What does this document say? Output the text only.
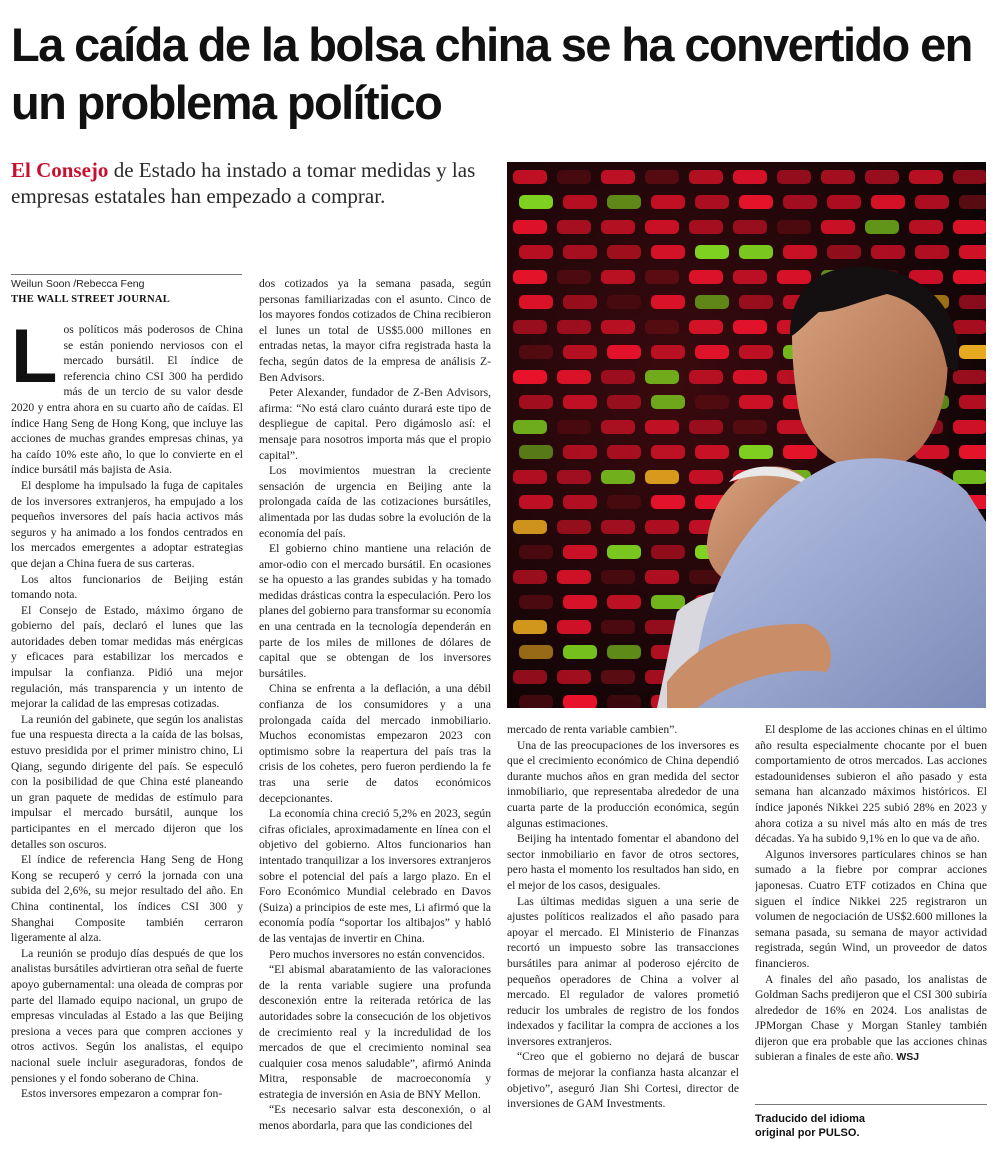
La caída de la bolsa china se ha convertido en un problema político

El Consejo de Estado ha instado a tomar medidas y las empresas estatales han empezado a comprar.

Weilun Soon /Rebecca Feng

THE WALL STREET JOURNAL

Los políticos más poderosos de China se están poniendo nerviosos con el mercado bursátil. El índice de referencia chino CSI 300 ha perdido más de un tercio de su valor desde 2020 y entra ahora en su cuarto año de caídas. El índice Hang Seng de Hong Kong, que incluye las acciones de muchas grandes empresas chinas, ya ha caído 10% este año, lo que lo convierte en el índice bursátil más bajista de Asia.

El desplome ha impulsado la fuga de capitales de los inversores extranjeros, ha empujado a los pequeños inversores del país hacia activos más seguros y ha animado a los fondos centrados en los mercados emergentes a adoptar estrategias que dejan a China fuera de sus carteras.

Los altos funcionarios de Beijing están tomando nota.

El Consejo de Estado, máximo órgano de gobierno del país, declaró el lunes que las autoridades deben tomar medidas más enérgicas y eficaces para estabilizar los mercados e impulsar la confianza. Pidió una mejor regulación, más transparencia y un intento de mejorar la calidad de las empresas cotizadas.

La reunión del gabinete, que según los analistas fue una respuesta directa a la caída de las bolsas, estuvo presidida por el primer ministro chino, Li Qiang, segundo dirigente del país. Se especuló con la posibilidad de que China esté planeando un gran paquete de medidas de estímulo para impulsar el mercado bursátil, aunque los participantes en el mercado dijeron que los detalles son oscuros.

El índice de referencia Hang Seng de Hong Kong se recuperó y cerró la jornada con una subida del 2,6%, su mejor resultado del año. En China continental, los índices CSI 300 y Shanghai Composite también cerraron ligeramente al alza.

La reunión se produjo días después de que los analistas bursátiles advirtieran otra señal de fuerte apoyo gubernamental: una oleada de compras por parte del llamado equipo nacional, un grupo de empresas vinculadas al Estado a las que Beijing presiona a veces para que compren acciones y otros activos. Según los analistas, el equipo nacional suele incluir aseguradoras, fondos de pensiones y el fondo soberano de China.

Estos inversores empezaron a comprar fon-

dos cotizados ya la semana pasada, según personas familiarizadas con el asunto. Cinco de los mayores fondos cotizados de China recibieron el lunes un total de US$5.000 millones en entradas netas, la mayor cifra registrada hasta la fecha, según datos de la empresa de análisis Z-Ben Advisors.

Peter Alexander, fundador de Z-Ben Advisors, afirma: “No está claro cuánto durará este tipo de despliegue de capital. Pero digámoslo así: el mensaje para nosotros importa más que el propio capital”.

Los movimientos muestran la creciente sensación de urgencia en Beijing ante la prolongada caída de las cotizaciones bursátiles, alimentada por las dudas sobre la evolución de la economía del país.

El gobierno chino mantiene una relación de amor-odio con el mercado bursátil. En ocasiones se ha opuesto a las grandes subidas y ha tomado medidas drásticas contra la especulación. Pero los planes del gobierno para transformar su economía en una centrada en la tecnología dependerán en parte de los miles de millones de dólares de capital que se obtengan de los inversores bursátiles.

China se enfrenta a la deflación, a una débil confianza de los consumidores y a una prolongada caída del mercado inmobiliario. Muchos economistas empezaron 2023 con optimismo sobre la reapertura del país tras la crisis de los cohetes, pero fueron perdiendo la fe tras una serie de datos económicos decepcionantes.

La economía china creció 5,2% en 2023, según cifras oficiales, aproximadamente en línea con el objetivo del gobierno. Altos funcionarios han intentado tranquilizar a los inversores extranjeros sobre el potencial del país a largo plazo. En el Foro Económico Mundial celebrado en Davos (Suiza) a principios de este mes, Li afirmó que la economía podía “soportar los altibajos” y habló de las ventajas de invertir en China.

Pero muchos inversores no están convencidos.

“El abismal abaratamiento de las valoraciones de la renta variable sugiere una profunda desconexión entre la reiterada retórica de las autoridades sobre la consecución de los objetivos de crecimiento real y la incredulidad de los mercados de que el crecimiento nominal sea cualquier cosa menos saludable”, afirmó Aninda Mitra, responsable de macroeconomía y estrategia de inversión en Asia de BNY Mellon.

“Es necesario salvar esta desconexión, o al menos abordarla, para que las condiciones del

mercado de renta variable cambien”.

Una de las preocupaciones de los inversores es que el crecimiento económico de China dependió durante muchos años en gran medida del sector inmobiliario, que representaba alrededor de una cuarta parte de la producción económica, según algunas estimaciones.

Beijing ha intentado fomentar el abandono del sector inmobiliario en favor de otros sectores, pero hasta el momento los resultados han sido, en el mejor de los casos, desiguales.

Las últimas medidas siguen a una serie de ajustes políticos realizados el año pasado para apoyar el mercado. El Ministerio de Finanzas recortó un impuesto sobre las transacciones bursátiles para animar al poderoso ejército de pequeños operadores de China a volver al mercado. El regulador de valores prometió reducir los umbrales de registro de los fondos indexados y facilitar la compra de acciones a los inversores extranjeros.

“Creo que el gobierno no dejará de buscar formas de mejorar la confianza hasta alcanzar el objetivo”, aseguró Jian Shi Cortesi, director de inversiones de GAM Investments.

El desplome de las acciones chinas en el último año resulta especialmente chocante por el buen comportamiento de otros mercados. Las acciones estadounidenses subieron el año pasado y esta semana han alcanzado máximos históricos. El índice japonés Nikkei 225 subió 28% en 2023 y ahora cotiza a su nivel más alto en más de tres décadas. Ya ha subido 9,1% en lo que va de año.

Algunos inversores particulares chinos se han sumado a la fiebre por comprar acciones japonesas. Cuatro ETF cotizados en China que siguen el índice Nikkei 225 registraron un volumen de negociación de US$2.600 millones la semana pasada, su semana de mayor actividad registrada, según Wind, un proveedor de datos financieros.

A finales del año pasado, los analistas de Goldman Sachs predijeron que el CSI 300 subiría alrededor de 16% en 2024. Los analistas de JPMorgan Chase y Morgan Stanley también dijeron que era probable que las acciones chinas subieran a finales de este año. WSJ

Traducido del idioma
original por PULSO.
